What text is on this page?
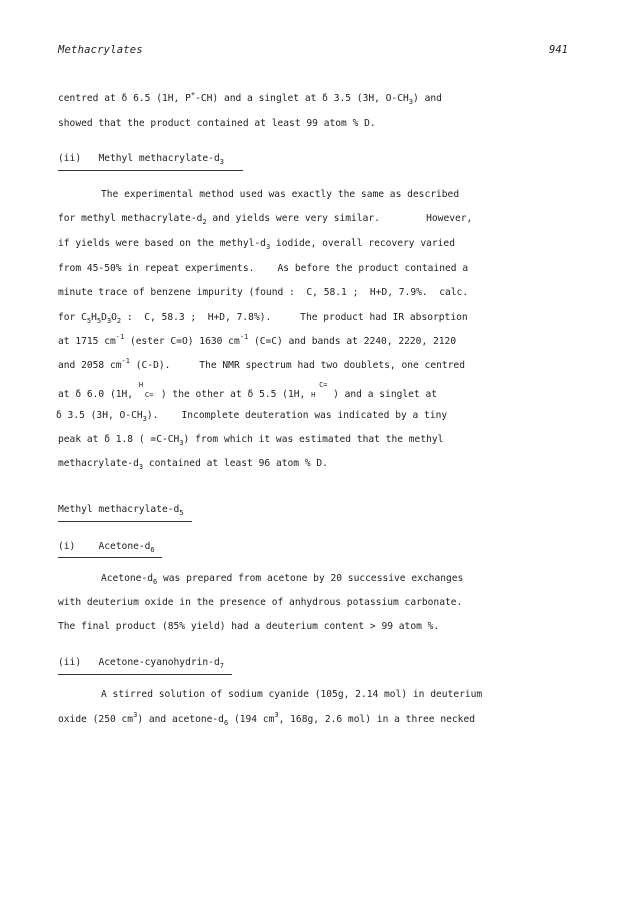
Methacrylates	941
centred at δ 6.5 (1H, P+-CH) and a singlet at δ 3.5 (3H, $O-CH_3$) and
showed that the product contained at least 99 atom % D.
(ii) Methyl methacrylate-$d_3$
The experimental method used was exactly the same as described
for methyl methacrylate-$d_2$ and yields were very similar.        However,
if yields were based on the methyl-$d_3$ iodide, overall recovery varied
from 45-50% in repeat experiments.    As before the product contained a
minute trace of benzene impurity (found :  C, 58.1 ;  H+D, 7.9%.  calc.
for $C_5H_5D_3O_2$ :  C, 58.3 ;  H+D, 7.8%).     The product had IR absorption
at 1715 $cm^{-1}$ (ester C=O) 1630 $cm^{-1}$ (C=C) and bands at 2240, 2220, 2120
and 2058 $cm^{-1}$ (C-D).     The NMR spectrum had two doublets, one centred
at δ 6.0 (1H,
H
C= ) the other at δ 5.5 (1H, H
C=
) and a singlet at
δ 3.5 (3H, $O-CH_3$).    Incomplete deuteration was indicated by a tiny
peak at δ 1.8 ( $=C-CH_3$) from which it was estimated that the methyl
methacrylate-$d_3$ contained at least 96 atom % D.
Methyl methacrylate-$d_5$
(i) Acetone-$d_6$
Acetone-$d_6$ was prepared from acetone by 20 successive exchanges
with deuterium oxide in the presence of anhydrous potassium carbonate.
The final product (85% yield) had a deuterium content > 99 atom %.
(ii) Acetone-$cyanohydrin-d_7$
A stirred solution of sodium cyanide (105g, 2.14 mol) in deuterium
oxide (250 $cm^3$) and acetone-$d_6$ (194 $cm^3$, 168g, 2.6 mol) in a three necked
